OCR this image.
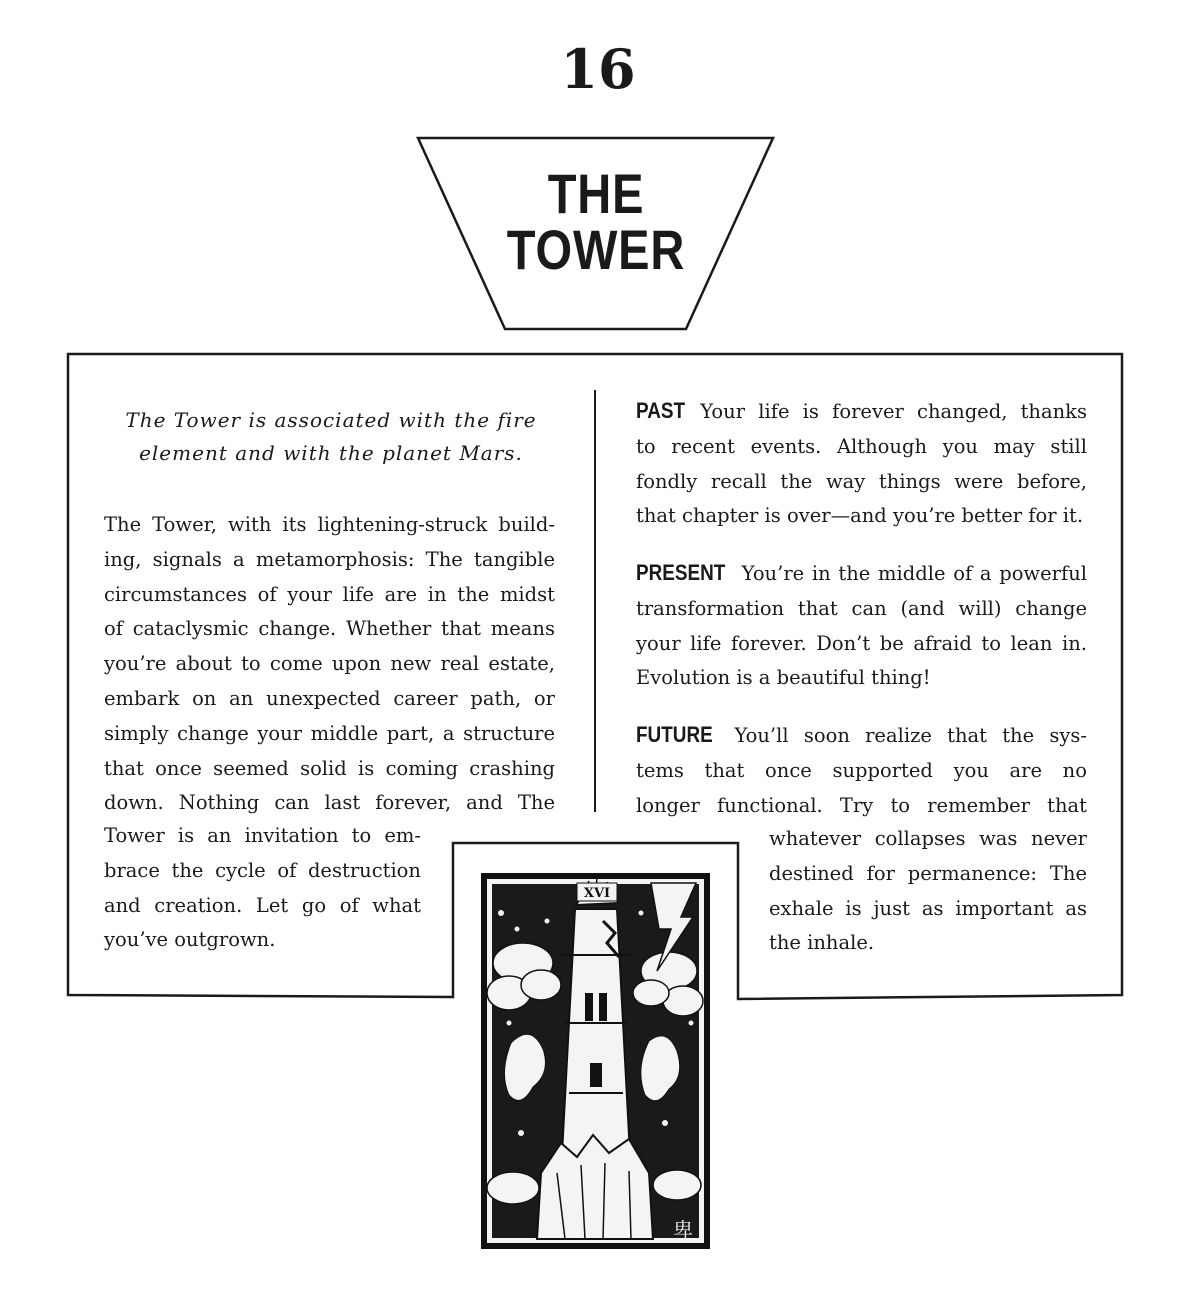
16
THE
TOWER
The Tower is associated with the fire
element and with the planet Mars.
The Tower, with its lightening-struck build-
ing, signals a metamorphosis: The tangible
circumstances of your life are in the midst
of cataclysmic change. Whether that means
you’re about to come upon new real estate,
embark on an unexpected career path, or
simply change your middle part, a structure
that once seemed solid is coming crashing
down. Nothing can last forever, and The
Tower is an invitation to em-
brace the cycle of destruction
and creation. Let go of what
you’ve outgrown.
PAST Your life is forever changed, thanks
to recent events. Although you may still
fondly recall the way things were before,
that chapter is over—and you’re better for it.
PRESENT You’re in the middle of a powerful
transformation that can (and will) change
your life forever. Don’t be afraid to lean in.
Evolution is a beautiful thing!
FUTURE You’ll soon realize that the sys-
tems that once supported you are no
longer functional. Try to remember that
whatever collapses was never
destined for permanence: The
exhale is just as important as
the inhale.
XVI
卑
